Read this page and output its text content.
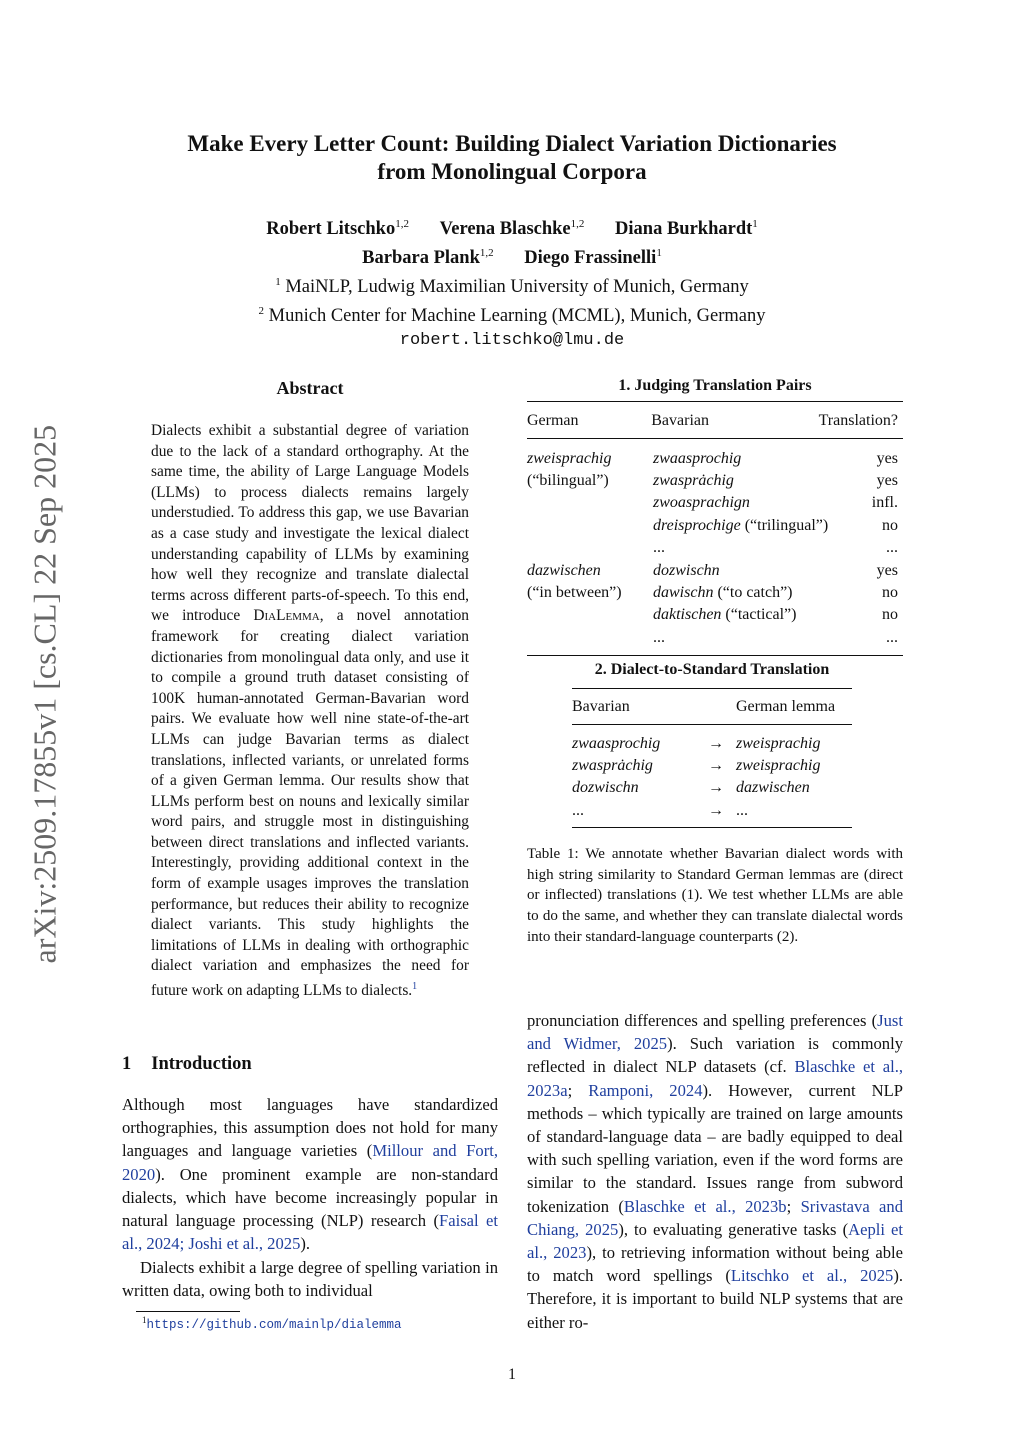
Make Every Letter Count: Building Dialect Variation Dictionaries
from Monolingual Corpora
Robert Litschko$^{1,2}$ Verena Blaschke$^{1,2}$ Diana Burkhardt$^1$
Barbara Plank$^{1,2}$ Diego Frassinelli$^1$
$^1$ MaiNLP, Ludwig Maximilian University of Munich, Germany
$^2$ Munich Center for Machine Learning (MCML), Munich, Germany
robert.litschko@lmu.de
arXiv:2509.17855v1 [cs.CL] 22 Sep 2025
Abstract
Dialects exhibit a substantial degree of variation due to the lack of a standard orthography. At the same time, the ability of Large Language Models (LLMs) to process dialects remains largely understudied. To address this gap, we use Bavarian as a case study and investigate the lexical dialect understanding capability of LLMs by examining how well they recognize and translate dialectal terms across different parts-of-speech. To this end, we introduce DiaLemma, a novel annotation framework for creating dialect variation dictionaries from monolingual data only, and use it to compile a ground truth dataset consisting of 100K human-annotated German-Bavarian word pairs. We evaluate how well nine state-of-the-art LLMs can judge Bavarian terms as dialect translations, inflected variants, or unrelated forms of a given German lemma. Our results show that LLMs perform best on nouns and lexically similar word pairs, and struggle most in distinguishing between direct translations and inflected variants. Interestingly, providing additional context in the form of example usages improves the translation performance, but reduces their ability to recognize dialect variants. This study highlights the limitations of LLMs in dealing with orthographic dialect variation and emphasizes the need for future work on adapting LLMs to dialects.$^1$
1 Introduction
Although most languages have standardized orthographies, this assumption does not hold for many languages and language varieties (Millour and Fort, 2020). One prominent example are non-standard dialects, which have become increasingly popular in natural language processing (NLP) research (Faisal et al., 2024; Joshi et al., 2025).
Dialects exhibit a large degree of spelling variation in written data, owing both to individual
$^1$https://github.com/mainlp/dialemma
1. Judging Translation Pairs
German	Bavarian	Translation?
zweisprachig	zwaasprochig	yes
(“bilingual”)	zwasprȧchig	yes
	zwoasprachign	infl.
	dreisprochige (“trilingual”)	no
	...	...

dazwischen	dozwischn	yes
(“in between”)	dawischn (“to catch”)	no
	daktischen (“tactical”)	no
	...	...
2. Dialect-to-Standard Translation
Bavarian	German lemma
zwaasprochig	→	zweisprachig
zwasprȧchig	→	zweisprachig
dozwischn	→	dazwischen
...	→	...
Table 1: We annotate whether Bavarian dialect words with high string similarity to Standard German lemmas are (direct or inflected) translations (1). We test whether LLMs are able to do the same, and whether they can translate dialectal words into their standard-language counterparts (2).
pronunciation differences and spelling preferences (Just and Widmer, 2025). Such variation is commonly reflected in dialect NLP datasets (cf. Blaschke et al., 2023a; Ramponi, 2024). However, current NLP methods – which typically are trained on large amounts of standard-language data – are badly equipped to deal with such spelling variation, even if the word forms are similar to the standard. Issues range from subword tokenization (Blaschke et al., 2023b; Srivastava and Chiang, 2025), to evaluating generative tasks (Aepli et al., 2023), to retrieving information without being able to match word spellings (Litschko et al., 2025). Therefore, it is important to build NLP systems that are either ro-
1
